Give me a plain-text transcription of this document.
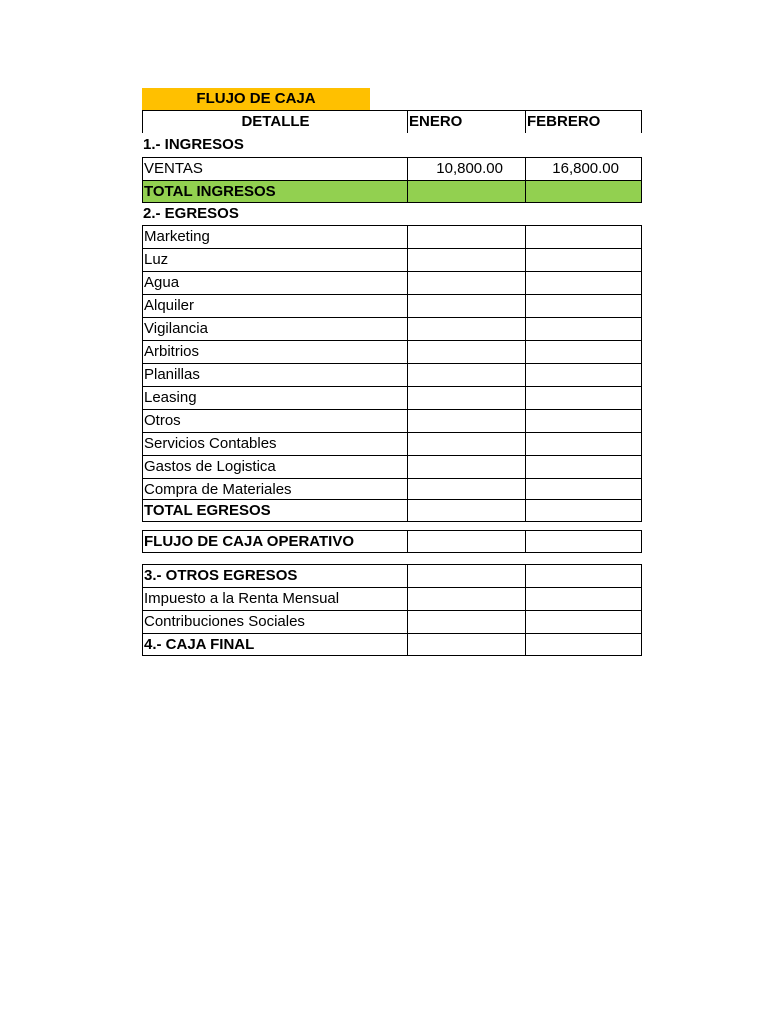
FLUJO DE CAJA
DETALLE	ENERO	FEBRERO
1.- INGRESOS
VENTAS	10,800.00	16,800.00
TOTAL INGRESOS
2.- EGRESOS
Marketing
Luz
Agua
Alquiler
Vigilancia
Arbitrios
Planillas
Leasing
Otros
Servicios Contables
Gastos de Logistica
Compra de Materiales
TOTAL EGRESOS
FLUJO DE CAJA OPERATIVO
3.- OTROS EGRESOS
Impuesto a la Renta Mensual
Contribuciones Sociales
4.- CAJA FINAL
